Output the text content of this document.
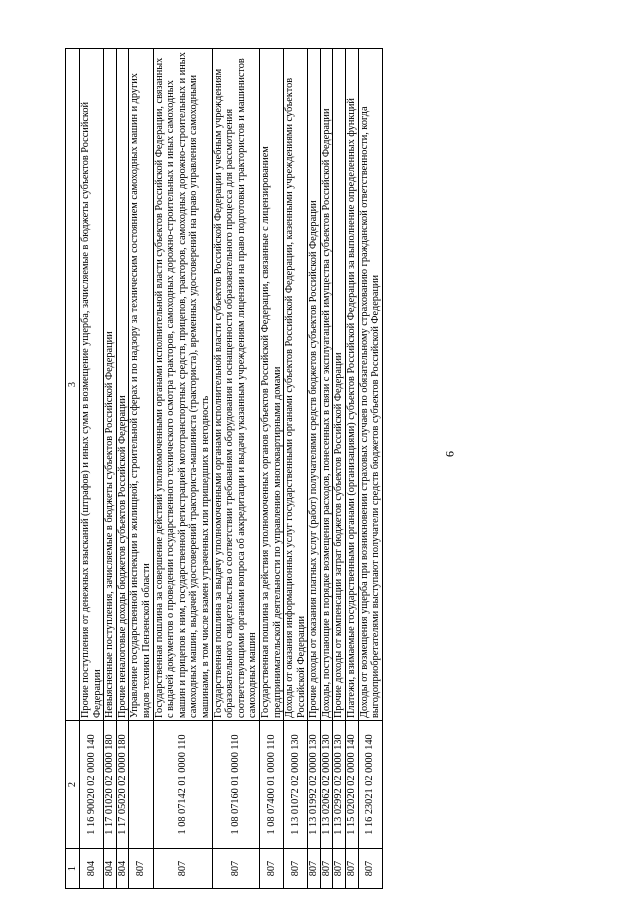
9
1	2	3
804	1 16 90020 02 0000 140	Прочие поступления от денежных взысканий (штрафов) и иных сумм в возмещение ущерба, зачисляемые в бюджеты субъектов Российской Федерации
804	1 17 01020 02 0000 180	Невыясненные поступления, зачисляемые в бюджеты субъектов Российской Федерации
804	1 17 05020 02 0000 180	Прочие неналоговые доходы бюджетов субъектов Российской Федерации
807		Управление государственной инспекции в жилищной, строительной сферах и по надзору за техническим состоянием самоходных машин и других видов техники Пензенской области
807	1 08 07142 01 0000 110	Государственная пошлина за совершение действий уполномоченными органами исполнительной власти субъектов Российской Федерации, связанных с выдачей документов о проведении государственного технического осмотра тракторов, самоходных дорожно-строительных и иных самоходных машин и прицепов к ним, государственной регистрацией мототранспортных средств, прицепов, тракторов, самоходных дорожно-строительных и иных самоходных машин, выдачей удостоверений тракториста-машиниста (тракториста), временных удостоверений на право управления самоходными машинами, в том числе взамен утраченных или пришедших в негодность
807	1 08 07160 01 0000 110	Государственная пошлина за выдачу уполномоченными органами исполнительной власти субъектов Российской Федерации учебным учреждениям образовательного свидетельства о соответствии требованиям оборудования и оснащенности образовательного процесса для рассмотрения соответствующими органами вопроса об аккредитации и выдачи указанным учреждениям лицензии на право подготовки трактористов и машинистов самоходных машин
807	1 08 07400 01 0000 110	Государственная пошлина за действия уполномоченных органов субъектов Российской Федерации, связанные с лицензированием предпринимательской деятельности по управлению многоквартирными домами
807	1 13 01072 02 0000 130	Доходы от оказания информационных услуг государственными органами субъектов Российской Федерации, казенными учреждениями субъектов Российской Федерации
807	1 13 01992 02 0000 130	Прочие доходы от оказания платных услуг (работ) получателями средств бюджетов субъектов Российской Федерации
807	1 13 02062 02 0000 130	Доходы, поступающие в порядке возмещения расходов, понесенных в связи с эксплуатацией имущества субъектов Российской Федерации
807	1 13 02992 02 0000 130	Прочие доходы от компенсации затрат бюджетов субъектов Российской Федерации
807	1 15 02020 02 0000 140	Платежи, взимаемые государственными органами (организациями) субъектов Российской Федерации за выполнение определенных функций
807	1 16 23021 02 0000 140	Доходы от возмещения ущерба при возникновении страховых случаев по обязательному страхованию гражданской ответственности, когда выгодоприобретателями выступают получатели средств бюджетов субъектов Российской Федерации
